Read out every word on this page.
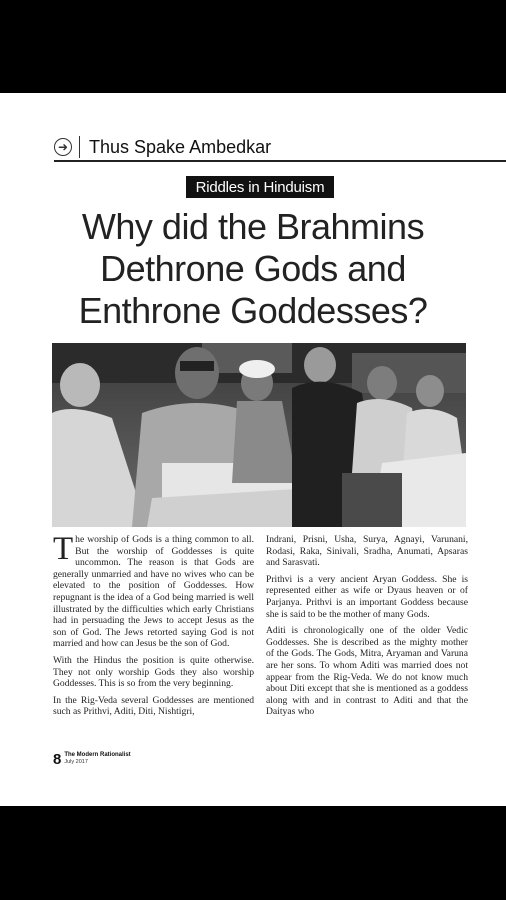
➜ Thus Spake Ambedkar
Riddles in Hinduism
Why did the Brahmins
Dethrone Gods and
Enthrone Goddesses?

The worship of Gods is a thing common to all. But the worship of Goddesses is quite uncommon. The reason is that Gods are generally unmarried and have no wives who can be elevated to the position of Goddesses. How repugnant is the idea of a God being married is well illustrated by the difficulties which early Christians had in persuading the Jews to accept Jesus as the son of God. The Jews retorted saying God is not married and how can Jesus be the son of God.

With the Hindus the position is quite otherwise. They not only worship Gods they also worship Goddesses. This is so from the very beginning.

In the Rig-Veda several Goddesses are mentioned such as Prithvi, Aditi, Diti, Nishtigri,

Indrani, Prisni, Usha, Surya, Agnayi, Varunani, Rodasi, Raka, Sinivali, Sradha, Anumati, Apsaras and Sarasvati.

Prithvi is a very ancient Aryan Goddess. She is represented either as wife or Dyaus heaven or of Parjanya. Prithvi is an important Goddess because she is said to be the mother of many Gods.

Aditi is chronologically one of the older Vedic Goddesses. She is described as the mighty mother of the Gods. The Gods, Mitra, Aryaman and Varuna are her sons. To whom Aditi was married does not appear from the Rig-Veda. We do not know much about Diti except that she is mentioned as a goddess along with and in contrast to Aditi and that the Daityas who

8 The Modern Rationalist
July 2017
